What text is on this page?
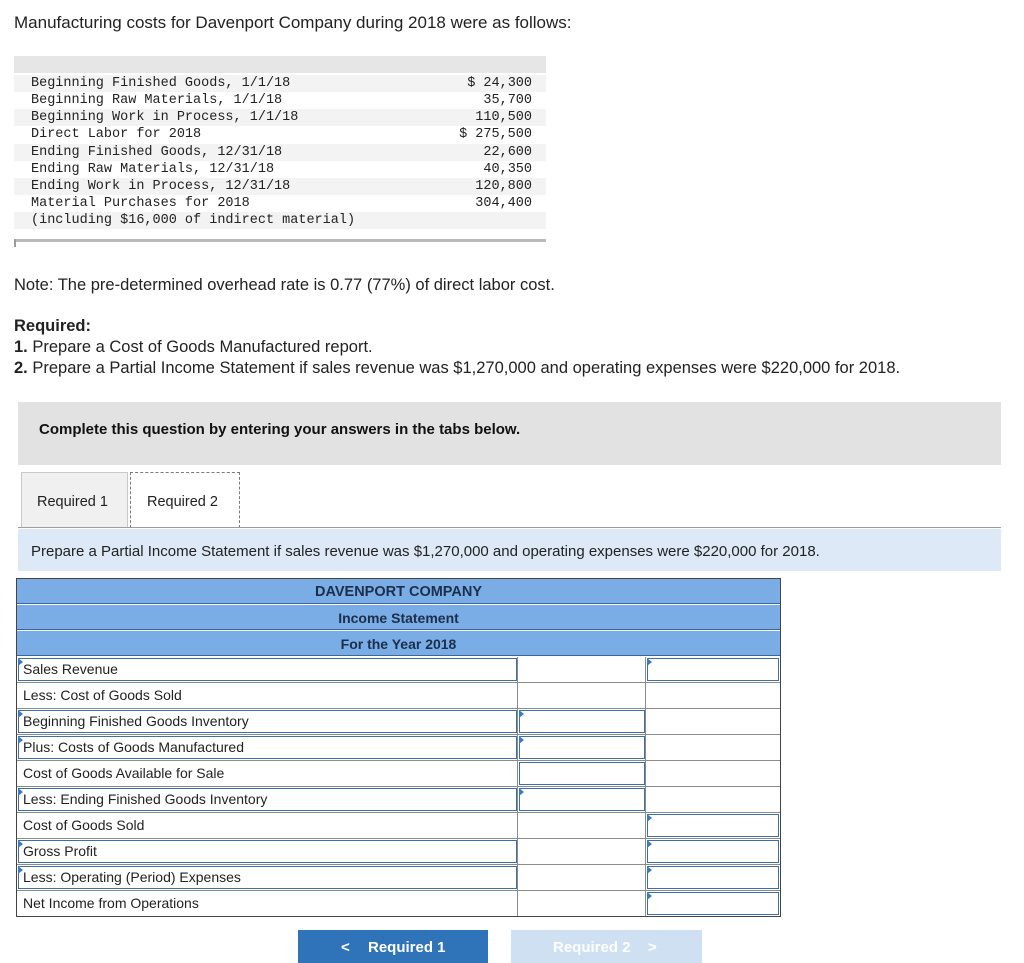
Manufacturing costs for Davenport Company during 2018 were as follows:
Beginning Finished Goods, 1/1/18	$ 24,300
Beginning Raw Materials, 1/1/18	35,700
Beginning Work in Process, 1/1/18	110,500
Direct Labor for 2018	$ 275,500
Ending Finished Goods, 12/31/18	22,600
Ending Raw Materials, 12/31/18	40,350
Ending Work in Process, 12/31/18	120,800
Material Purchases for 2018	304,400
(including $16,000 of indirect material)
Note: The pre-determined overhead rate is 0.77 (77%) of direct labor cost.
Required:
1. Prepare a Cost of Goods Manufactured report.
2. Prepare a Partial Income Statement if sales revenue was $1,270,000 and operating expenses were $220,000 for 2018.
Complete this question by entering your answers in the tabs below.
Required 1	Required 2
Prepare a Partial Income Statement if sales revenue was $1,270,000 and operating expenses were $220,000 for 2018.
DAVENPORT COMPANY
Income Statement
For the Year 2018
Sales Revenue
Less: Cost of Goods Sold
Beginning Finished Goods Inventory
Plus: Costs of Goods Manufactured
Cost of Goods Available for Sale
Less: Ending Finished Goods Inventory
Cost of Goods Sold
Gross Profit
Less: Operating (Period) Expenses
Net Income from Operations
< Required 1	Required 2 >
